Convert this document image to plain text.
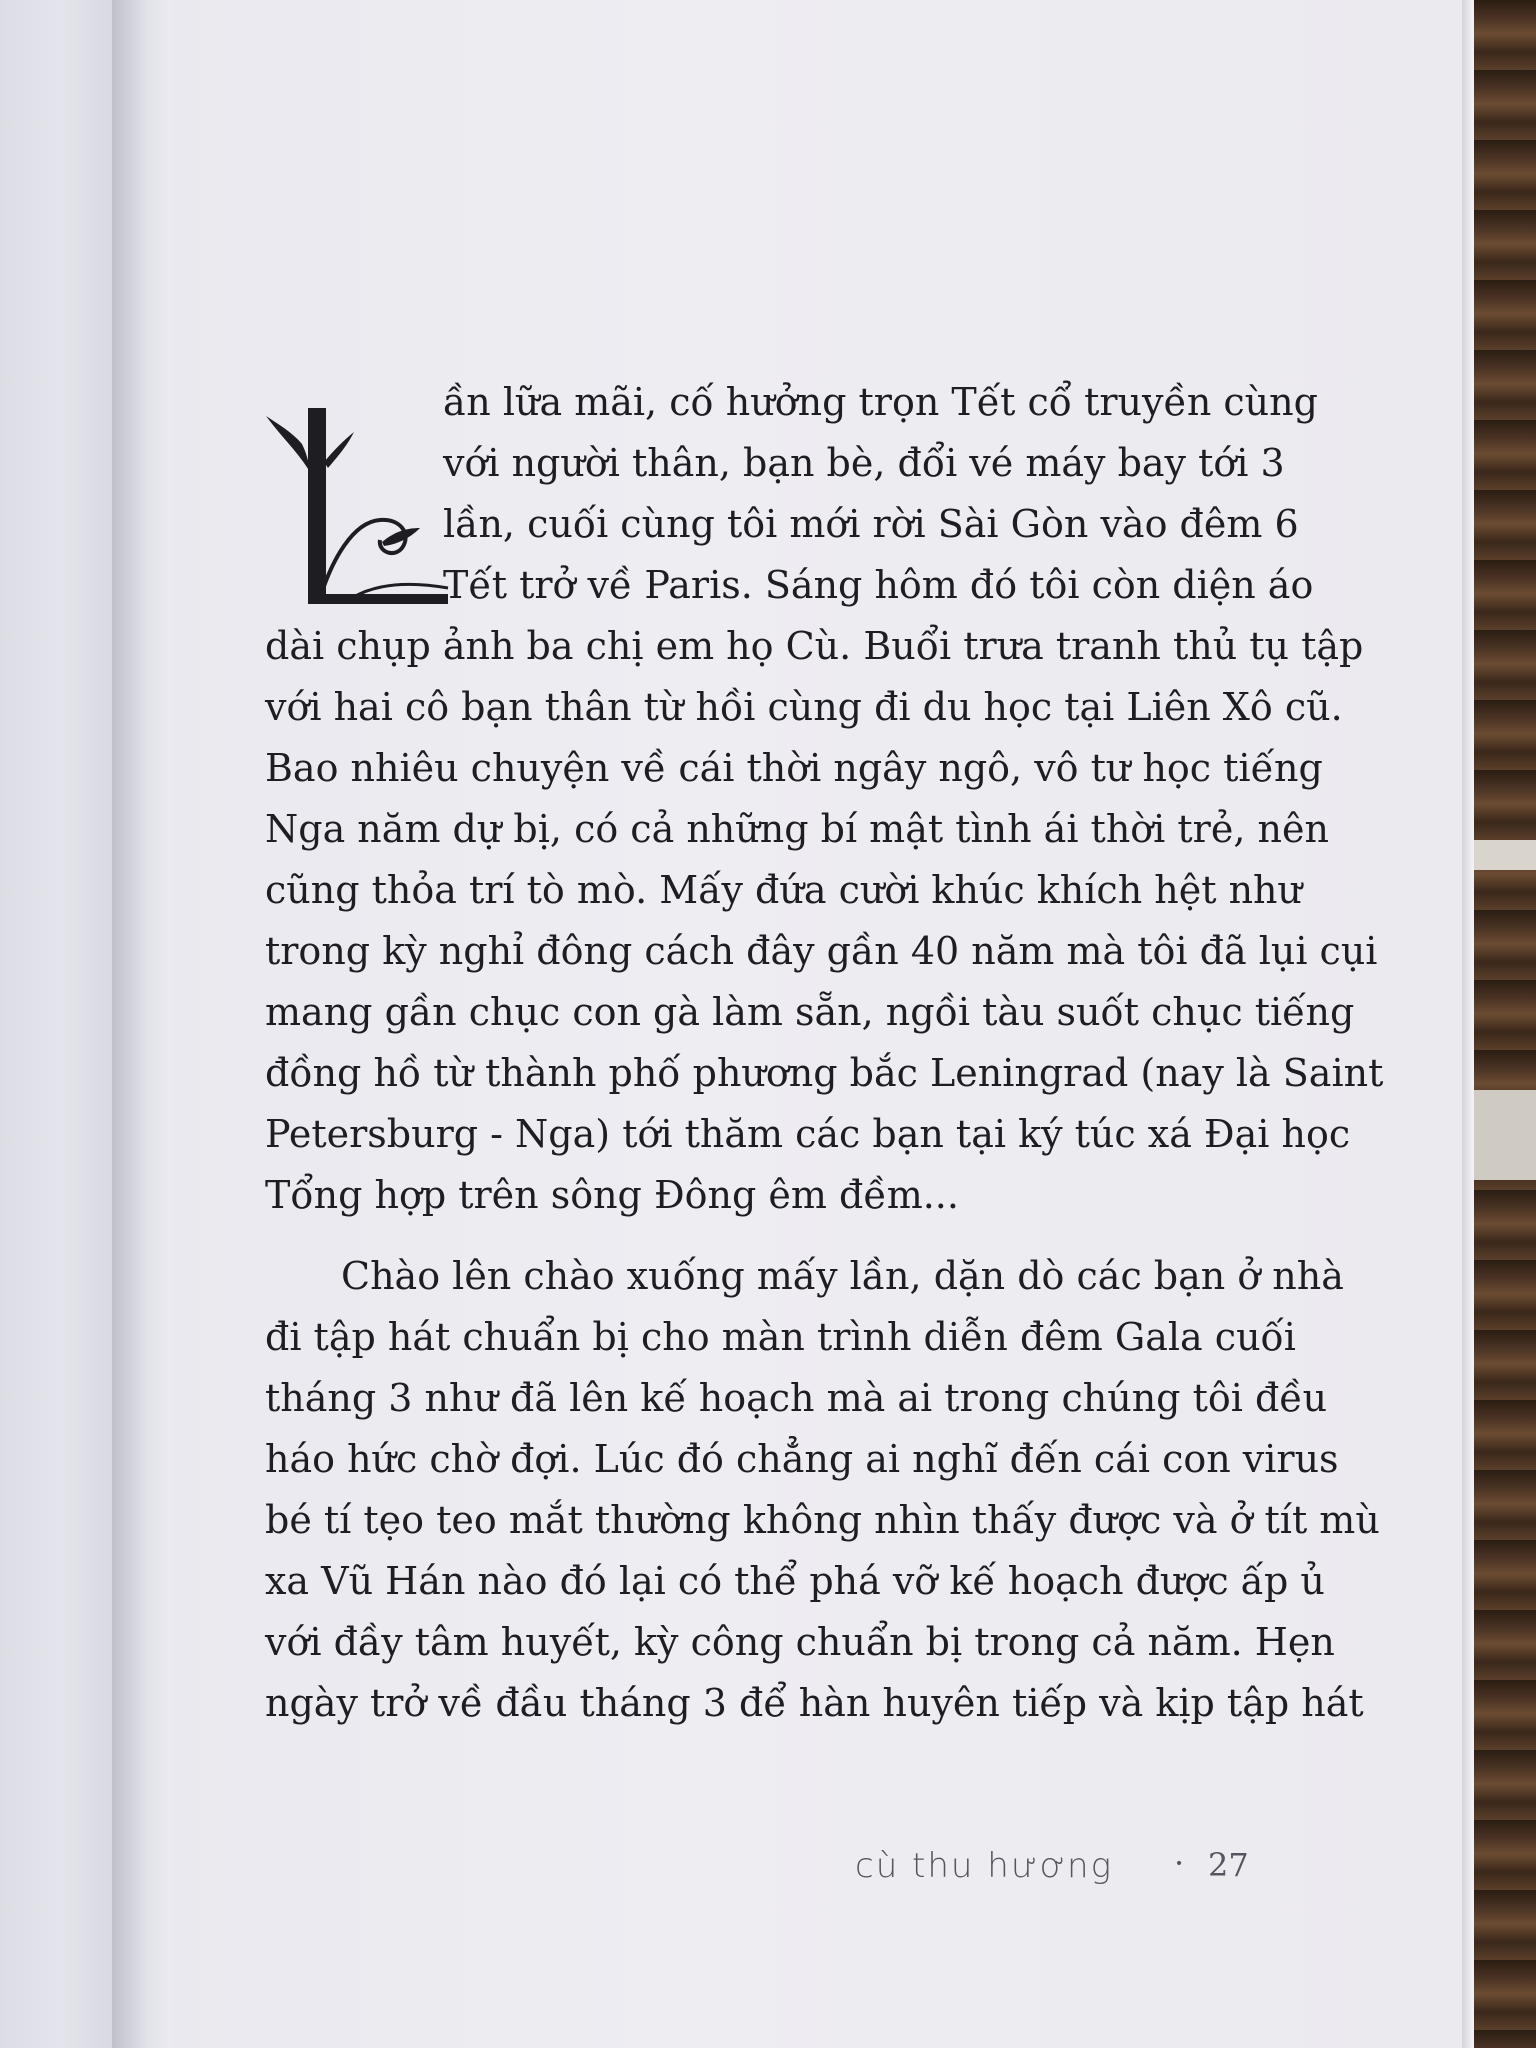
L	ần lữa mãi, cố hưởng trọn Tết cổ truyền cùng
với người thân, bạn bè, đổi vé máy bay tới 3
lần, cuối cùng tôi mới rời Sài Gòn vào đêm 6
Tết trở về Paris. Sáng hôm đó tôi còn diện áo
dài chụp ảnh ba chị em họ Cù. Buổi trưa tranh thủ tụ tập
với hai cô bạn thân từ hồi cùng đi du học tại Liên Xô cũ.
Bao nhiêu chuyện về cái thời ngây ngô, vô tư học tiếng
Nga năm dự bị, có cả những bí mật tình ái thời trẻ, nên
cũng thỏa trí tò mò. Mấy đứa cười khúc khích hệt như
trong kỳ nghỉ đông cách đây gần 40 năm mà tôi đã lụi cụi
mang gần chục con gà làm sẵn, ngồi tàu suốt chục tiếng
đồng hồ từ thành phố phương bắc Leningrad (nay là Saint
Petersburg - Nga) tới thăm các bạn tại ký túc xá Đại học
Tổng hợp trên sông Đông êm đềm...
Chào lên chào xuống mấy lần, dặn dò các bạn ở nhà
đi tập hát chuẩn bị cho màn trình diễn đêm Gala cuối
tháng 3 như đã lên kế hoạch mà ai trong chúng tôi đều
háo hức chờ đợi. Lúc đó chẳng ai nghĩ đến cái con virus
bé tí tẹo teo mắt thường không nhìn thấy được và ở tít mù
xa Vũ Hán nào đó lại có thể phá vỡ kế hoạch được ấp ủ
với đầy tâm huyết, kỳ công chuẩn bị trong cả năm. Hẹn
ngày trở về đầu tháng 3 để hàn huyên tiếp và kịp tập hát
cù thu hương · 27
